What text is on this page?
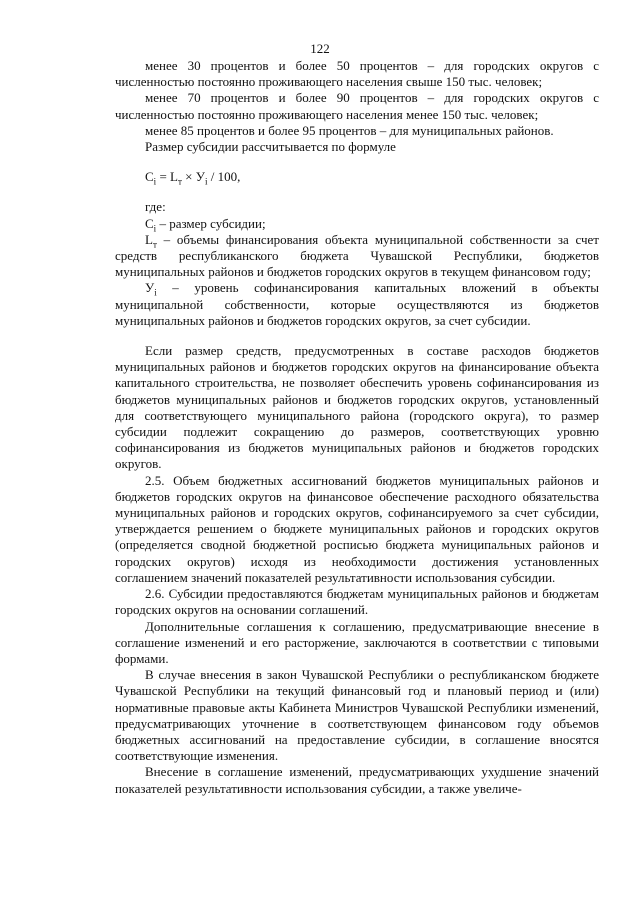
122

менее 30 процентов и более 50 процентов – для городских округов с численностью постоянно проживающего населения свыше 150 тыс. человек;

менее 70 процентов и более 90 процентов – для городских округов с численностью постоянно проживающего населения менее 150 тыс. человек;

менее 85 процентов и более 95 процентов – для муниципальных районов.

Размер субсидии рассчитывается по формуле

$C_i = L_т \times У_i / 100$,

где:

$C_i$ – размер субсидии;

$L_т$ – объемы финансирования объекта муниципальной собственности за счет средств республиканского бюджета Чувашской Республики, бюджетов муниципальных районов и бюджетов городских округов в текущем финансовом году;

$У_i$ – уровень софинансирования капитальных вложений в объекты муниципальной собственности, которые осуществляются из бюджетов муниципальных районов и бюджетов городских округов, за счет субсидии.

Если размер средств, предусмотренных в составе расходов бюджетов муниципальных районов и бюджетов городских округов на финансирование объекта капитального строительства, не позволяет обеспечить уровень софинансирования из бюджетов муниципальных районов и бюджетов городских округов, установленный для соответствующего муниципального района (городского округа), то размер субсидии подлежит сокращению до размеров, соответствующих уровню софинансирования из бюджетов муниципальных районов и бюджетов городских округов.

2.5. Объем бюджетных ассигнований бюджетов муниципальных районов и бюджетов городских округов на финансовое обеспечение расходного обязательства муниципальных районов и городских округов, софинансируемого за счет субсидии, утверждается решением о бюджете муниципальных районов и городских округов (определяется сводной бюджетной росписью бюджета муниципальных районов и городских округов) исходя из необходимости достижения установленных соглашением значений показателей результативности использования субсидии.

2.6. Субсидии предоставляются бюджетам муниципальных районов и бюджетам городских округов на основании соглашений.

Дополнительные соглашения к соглашению, предусматривающие внесение в соглашение изменений и его расторжение, заключаются в соответствии с типовыми формами.

В случае внесения в закон Чувашской Республики о республиканском бюджете Чувашской Республики на текущий финансовый год и плановый период и (или) нормативные правовые акты Кабинета Министров Чувашской Республики изменений, предусматривающих уточнение в соответствующем финансовом году объемов бюджетных ассигнований на предоставление субсидии, в соглашение вносятся соответствующие изменения.

Внесение в соглашение изменений, предусматривающих ухудшение значений показателей результативности использования субсидии, а также увеличе-
